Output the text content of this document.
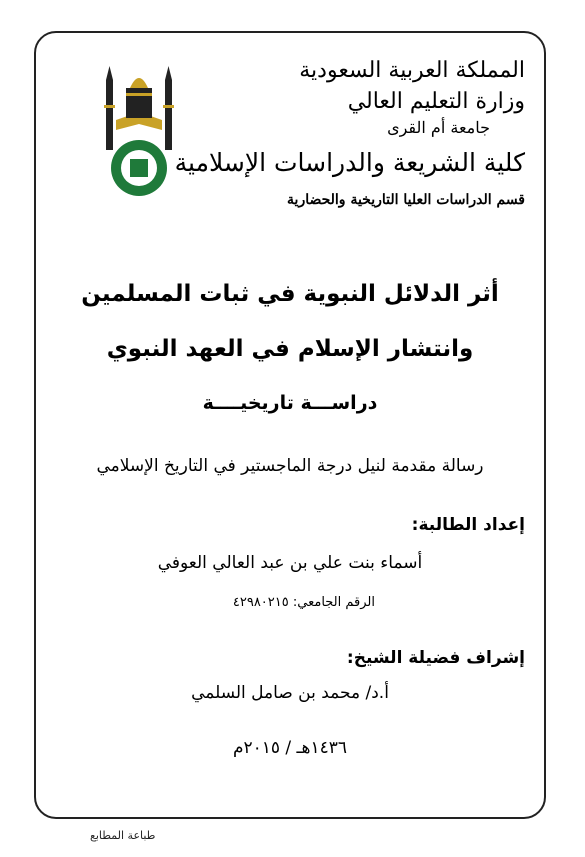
المملكة العربية السعودية
وزارة التعليم العالي
جامعة أم القرى
كلية الشريعة والدراسات الإسلامية
قسم الدراسات العليا التاريخية والحضارية
أثر الدلائل النبوية في ثبات المسلمين
وانتشار الإسلام في العهد النبوي
دراســـة تاريخيــــة
رسالة مقدمة لنيل درجة الماجستير في التاريخ الإسلامي
إعداد الطالبة:
أسماء بنت علي بن عبد العالي العوفي
الرقم الجامعي: ٤٢٩٨٠٢١٥
إشراف فضيلة الشيخ:
أ.د/ محمد بن صامل السلمي
١٤٣٦هـ / ٢٠١٥م
طباعة المطابع
